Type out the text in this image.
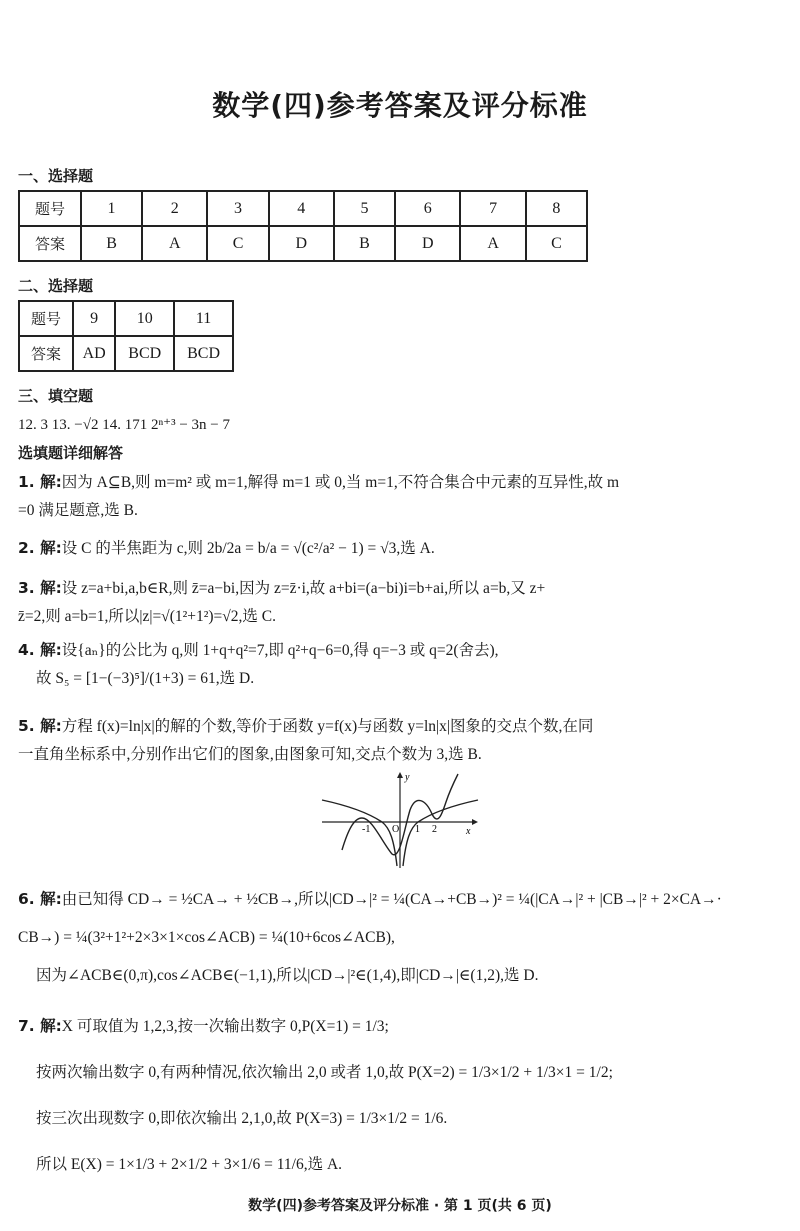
数学(四)参考答案及评分标准
一、选择题
题号	1	2	3	4	5	6	7	8
答案	B	A	C	D	B	D	A	C
二、选择题
题号	9	10	11
答案	AD	BCD	BCD
三、填空题
12. 3 13. −√2 14. 171 2ⁿ⁺³ − 3n − 7
选填题详细解答
1. 解:因为 A⊆B,则 m=m² 或 m=1,解得 m=1 或 0,当 m=1,不符合集合中元素的互异性,故 m
=0 满足题意,选 B.
2. 解:设 C 的半焦距为 c,则 2b/2a = b/a = √(c²/a² − 1) = √3,选 A.
3. 解:设 z=a+bi,a,b∈R,则 z̄=a−bi,因为 z=z̄·i,故 a+bi=(a−bi)i=b+ai,所以 a=b,又 z+
z̄=2,则 a=b=1,所以|z|=√(1²+1²)=√2,选 C.
4. 解:设{aₙ}的公比为 q,则 1+q+q²=7,即 q²+q−6=0,得 q=−3 或 q=2(舍去),
故 S₅ = [1−(−3)⁵]/(1+3) = 61,选 D.
5. 解:方程 f(x)=ln|x|的解的个数,等价于函数 y=f(x)与函数 y=ln|x|图象的交点个数,在同
一直角坐标系中,分别作出它们的图象,由图象可知,交点个数为 3,选 B.
y
x
O
-1	1 2
6. 解:由已知得 CD→ = ½CA→ + ½CB→,所以|CD→|² = ¼(CA→+CB→)² = ¼(|CA→|² + |CB→|² + 2×CA→·
CB→) = ¼(3²+1²+2×3×1×cos∠ACB) = ¼(10+6cos∠ACB),
因为∠ACB∈(0,π),cos∠ACB∈(−1,1),所以|CD→|²∈(1,4),即|CD→|∈(1,2),选 D.
7. 解:X 可取值为 1,2,3,按一次输出数字 0,P(X=1) = 1/3;
按两次输出数字 0,有两种情况,依次输出 2,0 或者 1,0,故 P(X=2) = 1/3×1/2 + 1/3×1 = 1/2;
按三次出现数字 0,即依次输出 2,1,0,故 P(X=3) = 1/3×1/2 = 1/6.
所以 E(X) = 1×1/3 + 2×1/2 + 3×1/6 = 11/6,选 A.
数学(四)参考答案及评分标准 · 第 1 页(共 6 页)
